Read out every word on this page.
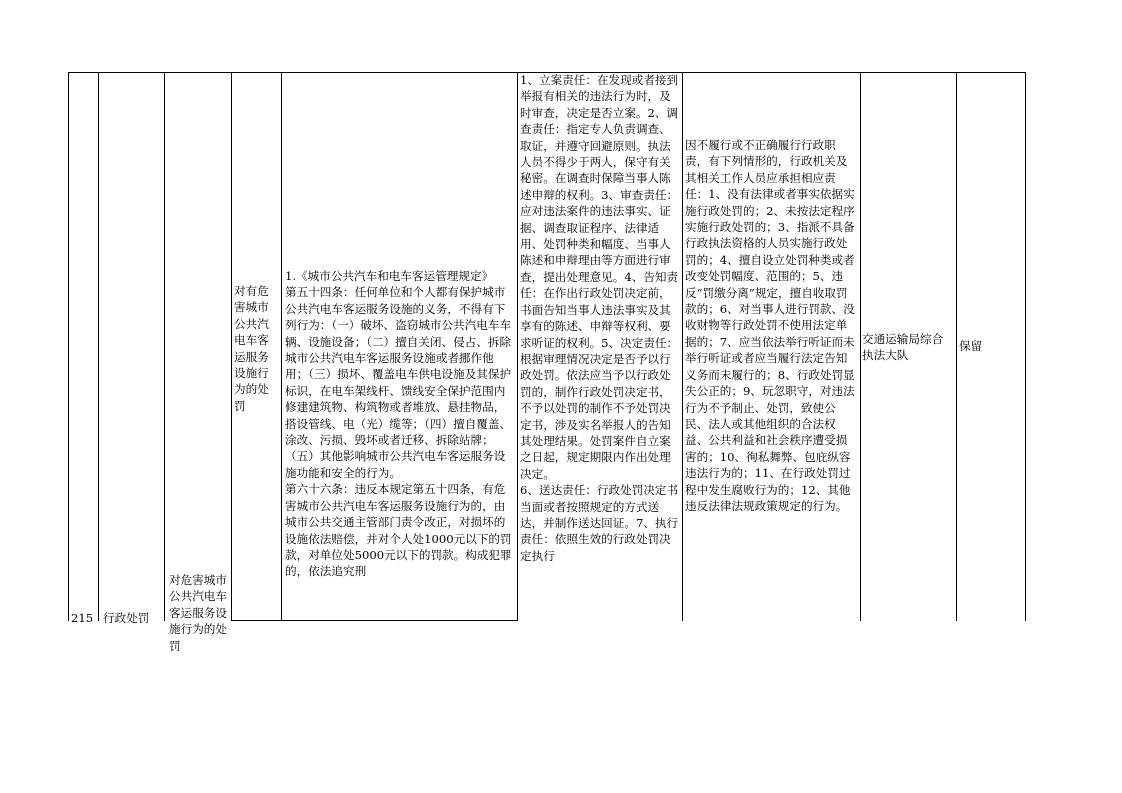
215 行政处罚
对危害城市公共汽电车客运服务设施行为的处罚
对有危害城市公共汽电车客运服务设施行为的处罚
1.《城市公共汽车和电车客运管理规定》
第五十四条：任何单位和个人都有保护城市公共汽电车客运服务设施的义务，不得有下列行为：（一）破坏、盗窃城市公共汽电车车辆、设施设备；（二）擅自关闭、侵占、拆除城市公共汽电车客运服务设施或者挪作他用；（三）损坏、覆盖电车供电设施及其保护标识，在电车架线杆、馈线安全保护范围内修建建筑物、构筑物或者堆放、悬挂物品，搭设管线、电（光）缆等；（四）擅自覆盖、涂改、污损、毁坏或者迁移、拆除站牌；（五）其他影响城市公共汽电车客运服务设施功能和安全的行为。
第六十六条：违反本规定第五十四条，有危害城市公共汽电车客运服务设施行为的，由城市公共交通主管部门责令改正，对损坏的设施依法赔偿，并对个人处1000元以下的罚款，对单位处5000元以下的罚款。构成犯罪的，依法追究刑
1、立案责任：在发现或者接到举报有相关的违法行为时，及时审查，决定是否立案。2、调查责任：指定专人负责调查、取证，并遵守回避原则。执法人员不得少于两人，保守有关秘密。在调查时保障当事人陈述申辩的权利。3、审查责任：应对违法案件的违法事实、证据、调查取证程序、法律适用、处罚种类和幅度、当事人陈述和申辩理由等方面进行审查，提出处理意见。4、告知责任：在作出行政处罚决定前，书面告知当事人违法事实及其享有的陈述、申辩等权利、要求听证的权利。5、决定责任：根据审理情况决定是否予以行政处罚。依法应当予以行政处罚的，制作行政处罚决定书，不予以处罚的制作不予处罚决定书，涉及实名举报人的告知其处理结果。处罚案件自立案之日起，规定期限内作出处理决定。
6、送达责任：行政处罚决定书当面或者按照规定的方式送达，并制作送达回证。7、执行责任：依照生效的行政处罚决定执行
因不履行或不正确履行行政职责，有下列情形的，行政机关及其相关工作人员应承担相应责任：1、没有法律或者事实依据实施行政处罚的；2、未按法定程序实施行政处罚的；3、指派不具备行政执法资格的人员实施行政处罚的；4、擅自设立处罚种类或者改变处罚幅度、范围的；5、违反“罚缴分离”规定，擅自收取罚款的；6、对当事人进行罚款、没收财物等行政处罚不使用法定单据的；7、应当依法举行听证而未举行听证或者应当履行法定告知义务而未履行的；8、行政处罚显失公正的；9、玩忽职守，对违法行为不予制止、处罚，致使公民、法人或其他组织的合法权益、公共利益和社会秩序遭受损害的；10、徇私舞弊、包庇纵容违法行为的；11、在行政处罚过程中发生腐败行为的；12、其他违反法律法规政策规定的行为。
交通运输局综合执法大队
保留
